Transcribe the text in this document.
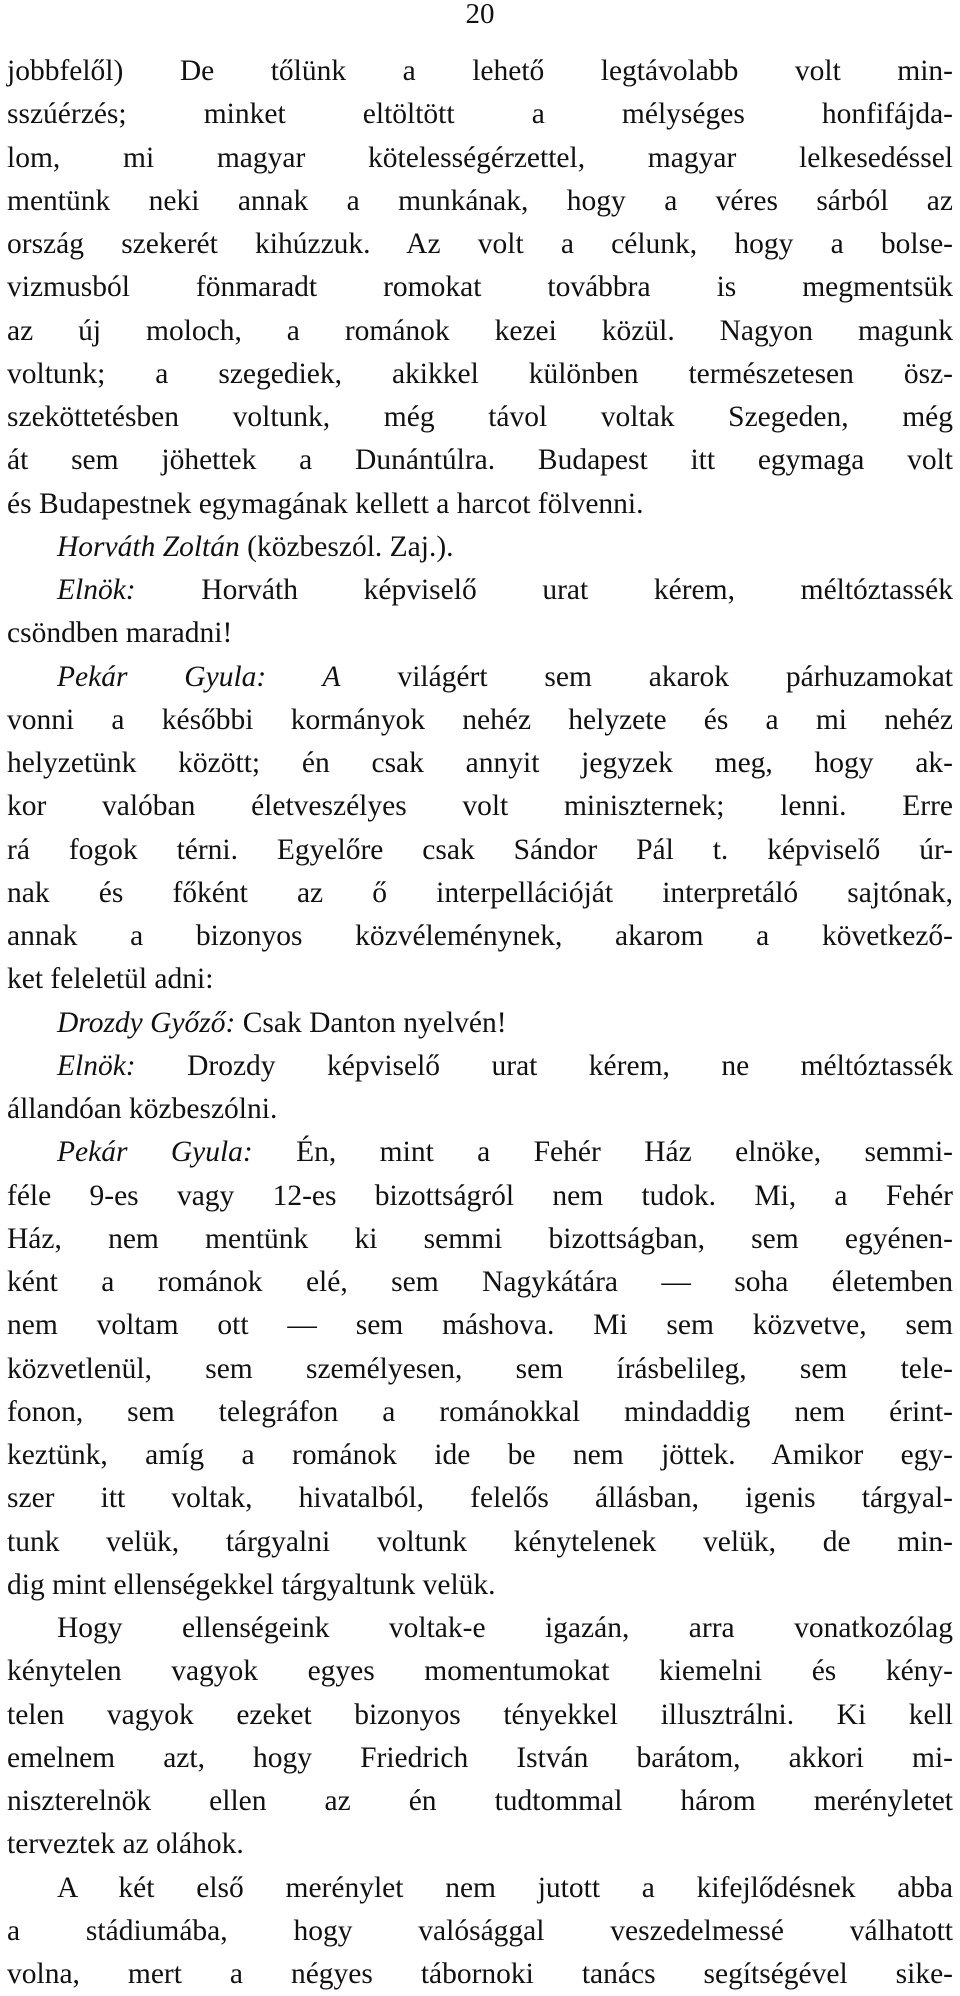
20
jobbfelől) De tőlünk a lehető legtávolabb volt min-
sszúérzés; minket eltöltött a mélységes honfifájda-
lom, mi magyar kötelességérzettel, magyar lelkesedéssel
mentünk neki annak a munkának, hogy a véres sárból az
ország szekerét kihúzzuk. Az volt a célunk, hogy a bolse-
vizmusból fönmaradt romokat továbbra is megmentsük
az új moloch, a románok kezei közül. Nagyon magunk
voltunk; a szegediek, akikkel különben természetesen ösz-
szeköttetésben voltunk, még távol voltak Szegeden, még
át sem jöhettek a Dunántúlra. Budapest itt egymaga volt
és Budapestnek egymagának kellett a harcot fölvenni.
Horváth Zoltán (közbeszól. Zaj.).
Elnök: Horváth képviselő urat kérem, méltóztassék
csöndben maradni!
Pekár Gyula: A világért sem akarok párhuzamokat
vonni a későbbi kormányok nehéz helyzete és a mi nehéz
helyzetünk között; én csak annyit jegyzek meg, hogy ak-
kor valóban életveszélyes volt miniszternek; lenni. Erre
rá fogok térni. Egyelőre csak Sándor Pál t. képviselő úr-
nak és főként az ő interpellációját interpretáló sajtónak,
annak a bizonyos közvéleménynek, akarom a következő-
ket feleletül adni:
Drozdy Győző: Csak Danton nyelvén!
Elnök: Drozdy képviselő urat kérem, ne méltóztassék
állandóan közbeszólni.
Pekár Gyula: Én, mint a Fehér Ház elnöke, semmi-
féle 9-es vagy 12-es bizottságról nem tudok. Mi, a Fehér
Ház, nem mentünk ki semmi bizottságban, sem egyénen-
ként a románok elé, sem Nagykátára — soha életemben
nem voltam ott — sem máshova. Mi sem közvetve, sem
közvetlenül, sem személyesen, sem írásbelileg, sem tele-
fonon, sem telegráfon a románokkal mindaddig nem érint-
keztünk, amíg a románok ide be nem jöttek. Amikor egy-
szer itt voltak, hivatalból, felelős állásban, igenis tárgyal-
tunk velük, tárgyalni voltunk kénytelenek velük, de min-
dig mint ellenségekkel tárgyaltunk velük.
Hogy ellenségeink voltak-e igazán, arra vonatkozólag
kénytelen vagyok egyes momentumokat kiemelni és kény-
telen vagyok ezeket bizonyos tényekkel illusztrálni. Ki kell
emelnem azt, hogy Friedrich István barátom, akkori mi-
niszterelnök ellen az én tudtommal három merényletet
terveztek az oláhok.
A két első merénylet nem jutott a kifejlődésnek abba
a stádiumába, hogy valósággal veszedelmessé válhatott
volna, mert a négyes tábornoki tanács segítségével sike-
